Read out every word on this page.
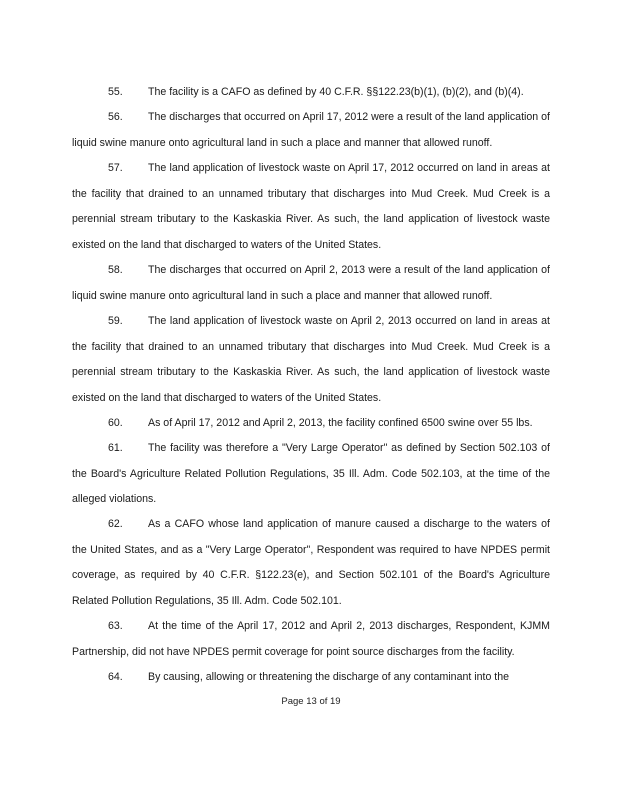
55. The facility is a CAFO as defined by 40 C.F.R. §§122.23(b)(1), (b)(2), and (b)(4).

56. The discharges that occurred on April 17, 2012 were a result of the land application of liquid swine manure onto agricultural land in such a place and manner that allowed runoff.

57. The land application of livestock waste on April 17, 2012 occurred on land in areas at the facility that drained to an unnamed tributary that discharges into Mud Creek. Mud Creek is a perennial stream tributary to the Kaskaskia River. As such, the land application of livestock waste existed on the land that discharged to waters of the United States.

58. The discharges that occurred on April 2, 2013 were a result of the land application of liquid swine manure onto agricultural land in such a place and manner that allowed runoff.

59. The land application of livestock waste on April 2, 2013 occurred on land in areas at the facility that drained to an unnamed tributary that discharges into Mud Creek. Mud Creek is a perennial stream tributary to the Kaskaskia River. As such, the land application of livestock waste existed on the land that discharged to waters of the United States.

60. As of April 17, 2012 and April 2, 2013, the facility confined 6500 swine over 55 lbs.

61. The facility was therefore a "Very Large Operator" as defined by Section 502.103 of the Board's Agriculture Related Pollution Regulations, 35 Ill. Adm. Code 502.103, at the time of the alleged violations.

62. As a CAFO whose land application of manure caused a discharge to the waters of the United States, and as a "Very Large Operator", Respondent was required to have NPDES permit coverage, as required by 40 C.F.R. §122.23(e), and Section 502.101 of the Board's Agriculture Related Pollution Regulations, 35 Ill. Adm. Code 502.101.

63. At the time of the April 17, 2012 and April 2, 2013 discharges, Respondent, KJMM Partnership, did not have NPDES permit coverage for point source discharges from the facility.

64. By causing, allowing or threatening the discharge of any contaminant into the

Page 13 of 19
